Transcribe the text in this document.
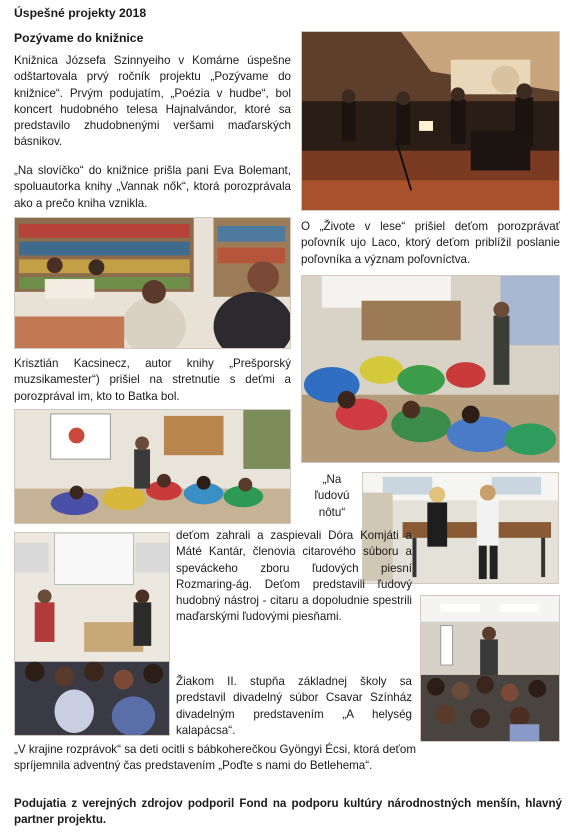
Úspešné projekty 2018
Pozývame do knižnice
Knižnica Józsefa Szinnyeiho v Komárne úspešne odštartovala prvý ročník projektu „Pozývame do knižnice“. Prvým podujatím, „Poézia v hudbe“, bol koncert hudobného telesa Hajnalvándor, ktoré sa predstavilo zhudobnenými veršami maďarských básnikov.
„Na slovíčko“ do knižnice prišla pani Eva Bolemant, spoluautorka knihy „Vannak nők“, ktorá porozprávala ako a prečo kniha vznikla.
O „Živote v lese“ prišiel deťom porozprávať poľovník ujo Laco, ktorý deťom priblížil poslanie poľovníka a význam poľovníctva.
Krisztián Kacsinecz, autor knihy „Prešporský muzsikamester“) prišiel na stretnutie s deťmi a porozprával im, kto to Batka bol.
„Na
ľudovú
nôtu“
deťom zahrali a zaspievali Dóra Komjáti a Máté Kantár, členovia citarového súboru a speváckeho zboru ľudových piesní Rozmaring-ág. Deťom predstavili ľudový hudobný nástroj - citaru a dopoludnie spestrili maďarskými ľudovými piesňami.
Žiakom II. stupňa základnej školy sa predstavil divadelný súbor Csavar Színház divadelným predstavením „A helység kalapácsa“.
„V krajine rozprávok“ sa deti ocitli s bábkoherečkou Gyöngyi Écsi, ktorá deťom spríjemnila adventný čas predstavením „Poďte s nami do Betlehema“.
Podujatia z verejných zdrojov podporil Fond na podporu kultúry národnostných menšín, hlavný partner projektu.
